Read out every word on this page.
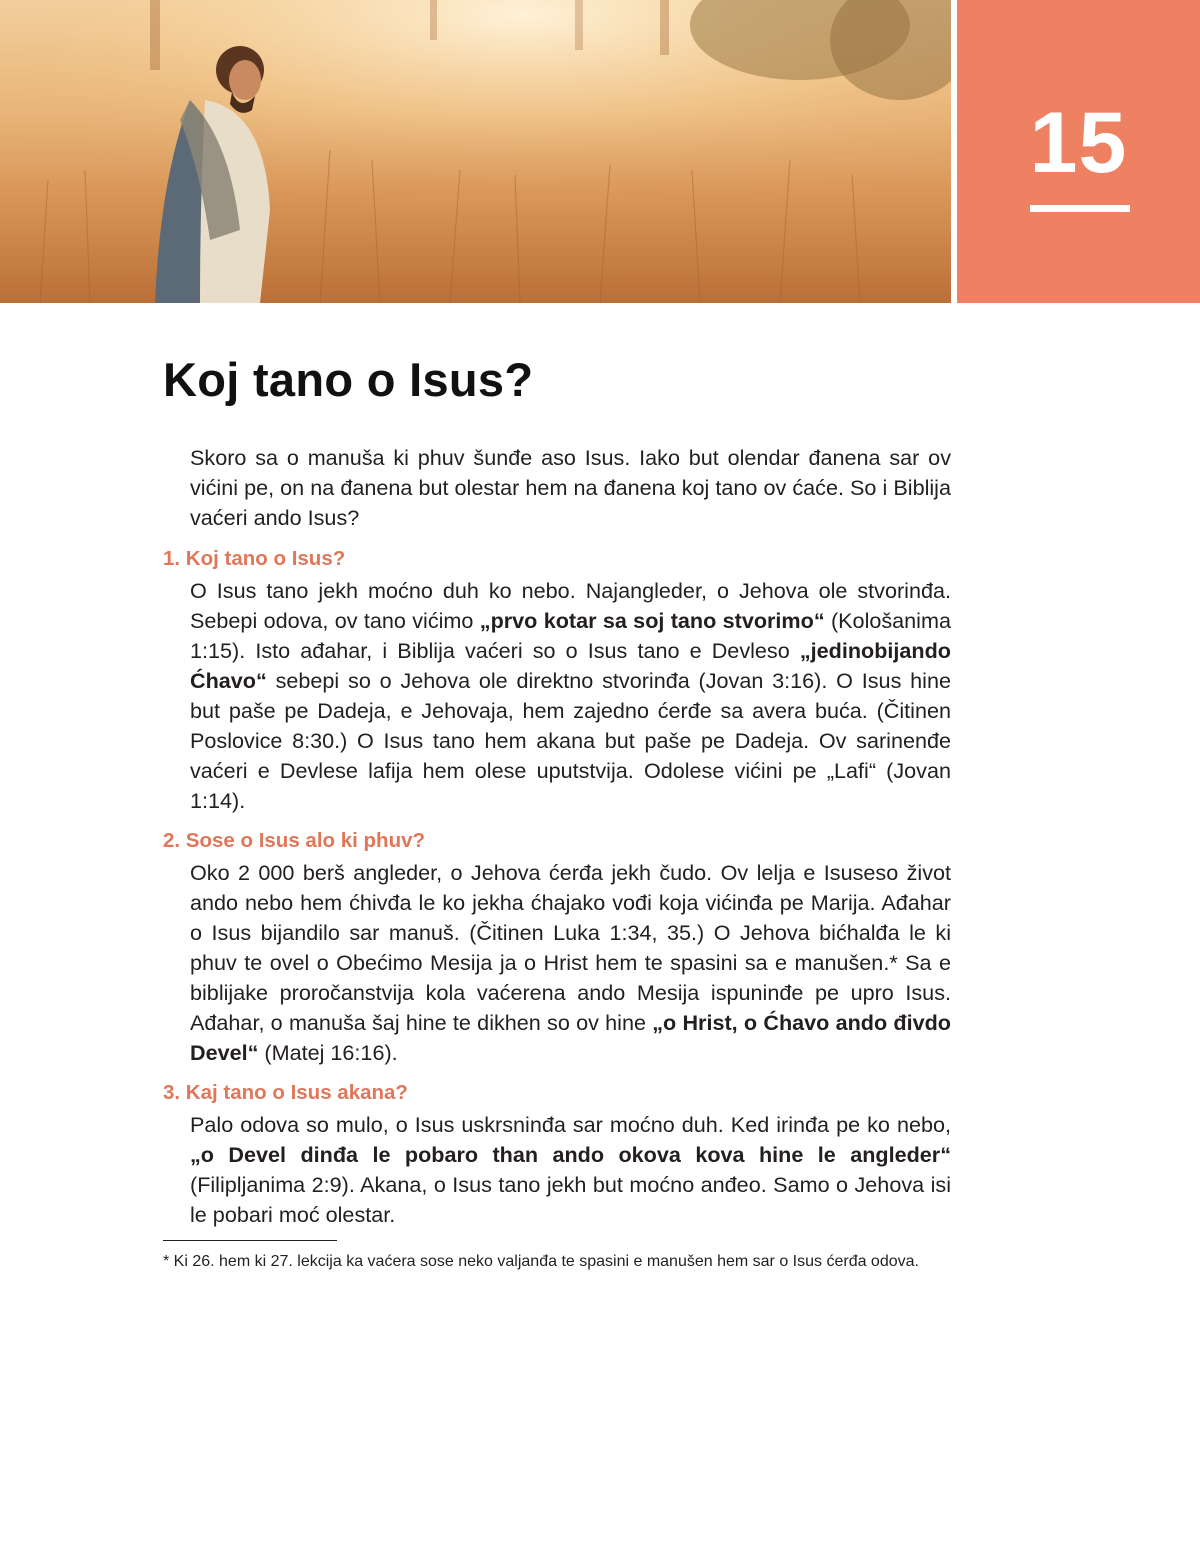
15
Koj tano o Isus?

Skoro sa o manuša ki phuv šunđe aso Isus. Iako but olendar đanena sar ov vićini pe, on na đanena but olestar hem na đanena koj tano ov ćaće. So i Biblija vaćeri ando Isus?

1. Koj tano o Isus?

O Isus tano jekh moćno duh ko nebo. Najangleder, o Jehova ole stvorinđa. Sebepi odova, ov tano vićimo „prvo kotar sa soj tano stvorimo“ (Kološanima 1:15). Isto ađahar, i Biblija vaćeri so o Isus tano e Devleso „jedinobijando Ćhavo“ sebepi so o Jehova ole direktno stvorinđa (Jovan 3:16). O Isus hine but paše pe Dadeja, e Jehovaja, hem zajedno ćerđe sa avera buća. (Čitinen Poslovice 8:30.) O Isus tano hem akana but paše pe Dadeja. Ov sarinenđe vaćeri e Devlese lafija hem olese uputstvija. Odolese vićini pe „Lafi“ (Jovan 1:14).

2. Sose o Isus alo ki phuv?

Oko 2 000 berš angleder, o Jehova ćerđa jekh čudo. Ov lelja e Isuseso život ando nebo hem ćhivđa le ko jekha ćhajako vođi koja vićinđa pe Marija. Ađahar o Isus bijandilo sar manuš. (Čitinen Luka 1:34, 35.) O Jehova bićhalđa le ki phuv te ovel o Obećimo Mesija ja o Hrist hem te spasini sa e manušen.* Sa e biblijake proročanstvija kola vaćerena ando Mesija ispuninđe pe upro Isus. Ađahar, o manuša šaj hine te dikhen so ov hine „o Hrist, o Ćhavo ando đivdo Devel“ (Matej 16:16).

3. Kaj tano o Isus akana?

Palo odova so mulo, o Isus uskrsninđa sar moćno duh. Ked irinđa pe ko nebo, „o Devel dinđa le pobaro than ando okova kova hine le angleder“ (Filipljanima 2:9). Akana, o Isus tano jekh but moćno anđeo. Samo o Jehova isi le pobari moć olestar.

* Ki 26. hem ki 27. lekcija ka vaćera sose neko valjanđa te spasini e manušen hem sar o Isus ćerđa odova.
